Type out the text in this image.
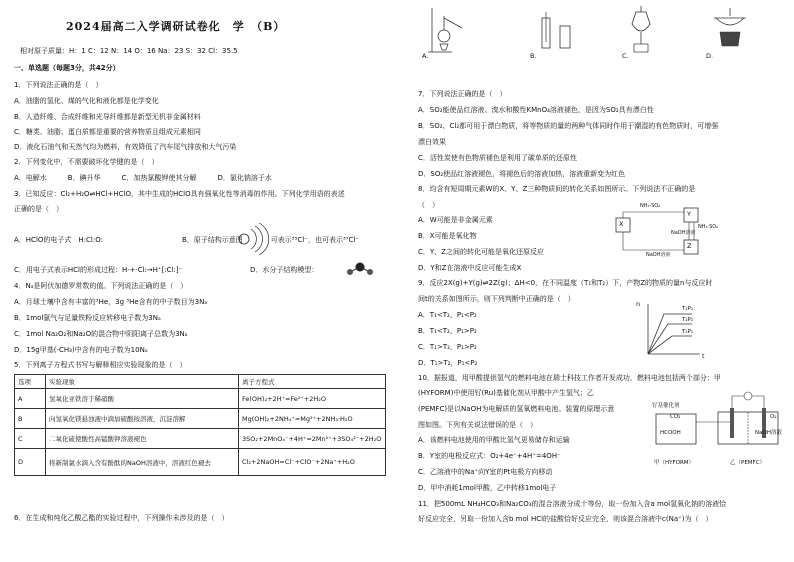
2024届高二入学调研试卷化　学　（B）
相对原子质量：H：1 C：12 N：14 O：16 Na：23 S：32 Cl：35.5
一、单选题（每题3分，共42分）
1．下列说法正确的是（　）
A．油脂的氢化、煤的气化和液化都是化学变化
B．人造纤维、合成纤维和光导纤维都是新型无机非金属材料
C．糖类、油脂、蛋白质都是重要的营养物质且组成元素相同
D．液化石油气和天然气均为燃料，有效降低了汽车尾气排放和大气污染
2．下列变化中，不需要破坏化学键的是（　）
A．电解水　　　B．碘升华　　　C．加热氯酸钾使其分解　　　D．氯化钠溶于水
3．已知反应：Cl₂+H₂O⇌HCl+HClO，其中生成的HClO具有强氧化性等消毒的作用。下列化学用语的表述
正确的是（　）
A．HClO的电子式　H:Cl:O:	B．原子结构示意图　　　　可表示³⁵Cl⁻，也可表示³⁷Cl⁻
C．用电子式表示HCl的形成过程：H·+·Cl:→H⁺[:Cl:]⁻	D．水分子结构模型：
4．Nₐ是阿伏加德罗常数的值。下列说法正确的是（　）
A．月球土壤中含有丰富的³He，3g ³He含有的中子数目为3Nₐ
B．1mol氯气与足量铁粉反应转移电子数为3Nₐ
C．1mol Na₂O₂和Na₂O的混合物中阴阳离子总数为3Nₐ
D．15g甲基(-CH₃)中含有的电子数为10Nₐ
5．下列离子方程式书写与解释相应实验现象的是（　）
选项	实验现象	离子方程式
A	氢氧化亚铁溶于稀硝酸	Fe(OH)₂+2H⁺=Fe²⁺+2H₂O
B	向氢氧化镁悬浊液中滴加硫酸铵溶液，沉淀溶解	Mg(OH)₂+2NH₄⁺=Mg²⁺+2NH₃·H₂O
C	二氧化硫使酸性高锰酸钾溶液褪色	3SO₂+2MnO₄⁻+4H⁺=2Mn²⁺+3SO₄²⁻+2H₂O
D	将新制氯水滴入含有酚酞的NaOH溶液中，溶液红色褪去	Cl₂+2NaOH=Cl⁻+ClO⁻+2Na⁺+H₂O
6．在生成和纯化乙酸乙酯的实验过程中，下列操作未涉及的是（　）
A.	B.	C.	D.
7．下列说法正确的是（　）
A．SO₂能使品红溶液、溴水和酸性KMnO₄溶液褪色，是因为SO₂具有漂白性
B．SO₂、Cl₂都可用于漂白物质，将等物质的量的两种气体同时作用于潮湿的有色物质时，可增强
漂白效果
C．活性炭使有色物质褪色是利用了碳单质的还原性
D．SO₂使品红溶液褪色，将褪色后的溶液加热，溶液重新变为红色
8．均含有短周期元素W的X、Y、Z三种物质间的转化关系如图所示。下列说法不正确的是
（　）
A．W可能是非金属元素
B．X可能是氧化物
C．Y、Z之间的转化可能是氧化还原反应
D．Y和Z在溶液中反应可能生成X
X
Y
Z
NH₃·SO₂
NH₃·SO₂
NaOH溶液
NaOH溶液
9．反应2X(g)+Y(g)⇌2Z(g)；ΔH<0，在不同温度（T₁和T₂）下，产物Z的物质的量n与反应时
间t的关系如图所示，则下列判断中正确的是（　）
A．T₁<T₂，P₁<P₂
B．T₁<T₂，P₁>P₂
C．T₁>T₂，P₁>P₂
D．T₁>T₂，P₁<P₂
n
t
T₂P₁
T₂P₂
T₁P₁
10．据报道，用甲酸提供氢气的燃料电池在瑞士科技工作者开发成功，燃料电池包括两个部分：甲
(HYFORM)中使用钌(Ru)基催化剂从甲酸中产生氢气；乙
(PEMFC)是以NaOH为电解质的氢氧燃料电池。装置的原理示意
图如图。下列有关说法错误的是（　）
A．该燃料电池使用的甲酸比氢气更易储存和运输
B．Y室的电极反应式：O₂+4e⁻+4H⁺=4OH⁻
C．乙溶液中的Na⁺向Y室的Pt电极方向移动
D．甲中消耗1mol甲酸，乙中转移1mol电子
钌基催化剂
HCOOH
CO₂
NaOH溶液
O₂
甲（HYFORM）	乙（PEMFC）
11．把500mL NH₄HCO₃和Na₂CO₃的混合溶液分成十等份，取一份加入含a mol氢氧化钠的溶液恰
好反应完全，另取一份加入含b mol HCl的盐酸恰好反应完全，则该混合溶液中c(Na⁺)为（　）
